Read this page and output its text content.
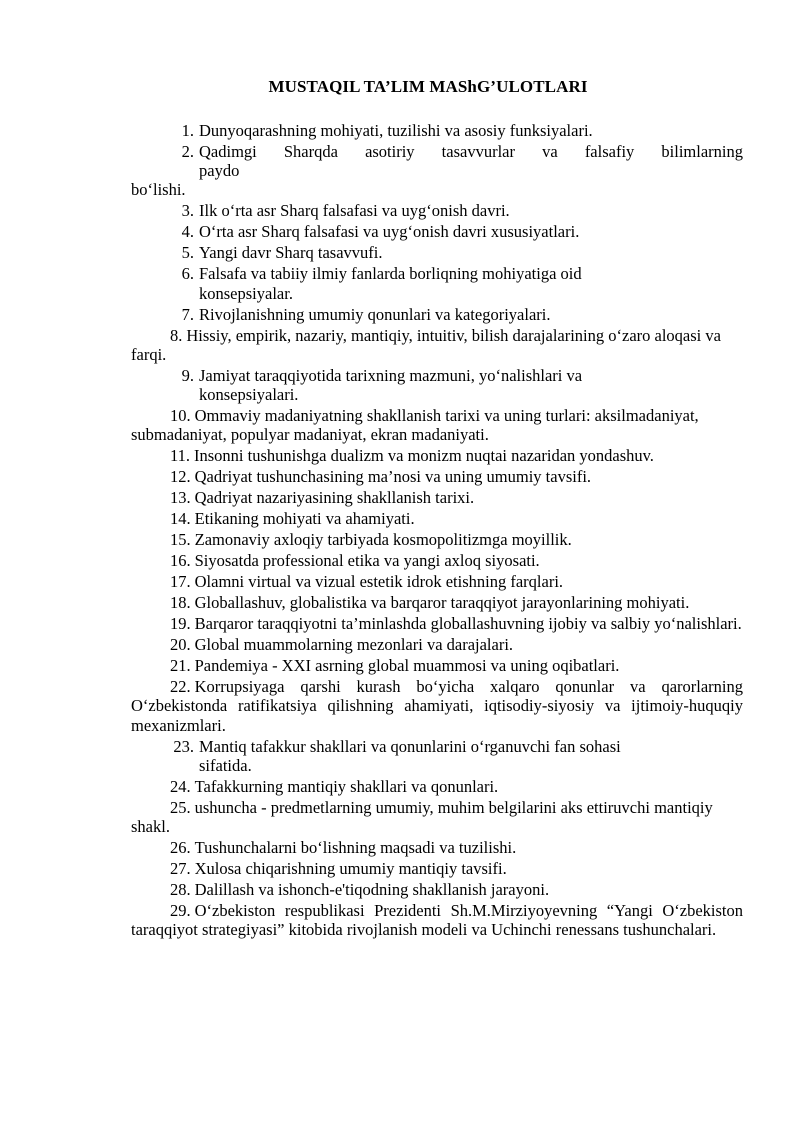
MUSTAQIL TA’LIM MAShG’ULOTLARI
1. Dunyoqarashning mohiyati, tuzilishi va asosiy funksiyalari.
2. Qadimgi Sharqda asotiriy tasavvurlar va falsafiy bilimlarning
paydo
bo‘lishi.
3. Ilk o‘rta asr Sharq falsafasi va uyg‘onish davri.
4. O‘rta asr Sharq falsafasi va uyg‘onish davri xususiyatlari.
5. Yangi davr Sharq tasavvufi.
6. Falsafa va tabiiy ilmiy fanlarda borliqning mohiyatiga oid
konsepsiyalar.
7. Rivojlanishning umumiy qonunlari va kategoriyalari.
8. Hissiy, empirik, nazariy, mantiqiy, intuitiv, bilish darajalarining o‘zaro aloqasi va farqi.
9. Jamiyat taraqqiyotida tarixning mazmuni, yo‘nalishlari va
konsepsiyalari.
10. Ommaviy madaniyatning shakllanish tarixi va uning turlari: aksilmadaniyat, submadaniyat, populyar madaniyat, ekran madaniyati.
11. Insonni tushunishga dualizm va monizm nuqtai nazaridan yondashuv.
12. Qadriyat tushunchasining ma’nosi va uning umumiy tavsifi.
13. Qadriyat nazariyasining shakllanish tarixi.
14. Etikaning mohiyati va ahamiyati.
15. Zamonaviy axloqiy tarbiyada kosmopolitizmga moyillik.
16. Siyosatda professional etika va yangi axloq siyosati.
17. Olamni virtual va vizual estetik idrok etishning farqlari.
18. Globallashuv, globalistika va barqaror taraqqiyot jarayonlarining mohiyati.
19. Barqaror taraqqiyotni ta’minlashda globallashuvning ijobiy va salbiy yo‘nalishlari.
20. Global muammolarning mezonlari va darajalari.
21. Pandemiya - XXI asrning global muammosi va uning oqibatlari.
22. Korrupsiyaga qarshi kurash bo‘yicha xalqaro qonunlar va qarorlarning O‘zbekistonda ratifikatsiya qilishning ahamiyati, iqtisodiy-siyosiy va ijtimoiy-huquqiy mexanizmlari.
23. Mantiq tafakkur shakllari va qonunlarini o‘rganuvchi fan sohasi
sifatida.
24. Tafakkurning mantiqiy shakllari va qonunlari.
25. ushuncha - predmetlarning umumiy, muhim belgilarini aks ettiruvchi mantiqiy shakl.
26. Tushunchalarni bo‘lishning maqsadi va tuzilishi.
27. Xulosa chiqarishning umumiy mantiqiy tavsifi.
28. Dalillash va ishonch-e'tiqodning shakllanish jarayoni.
29. O‘zbekiston respublikasi Prezidenti Sh.M.Mirziyoyevning “Yangi O‘zbekiston taraqqiyot strategiyasi” kitobida rivojlanish modeli va Uchinchi renessans tushunchalari.
